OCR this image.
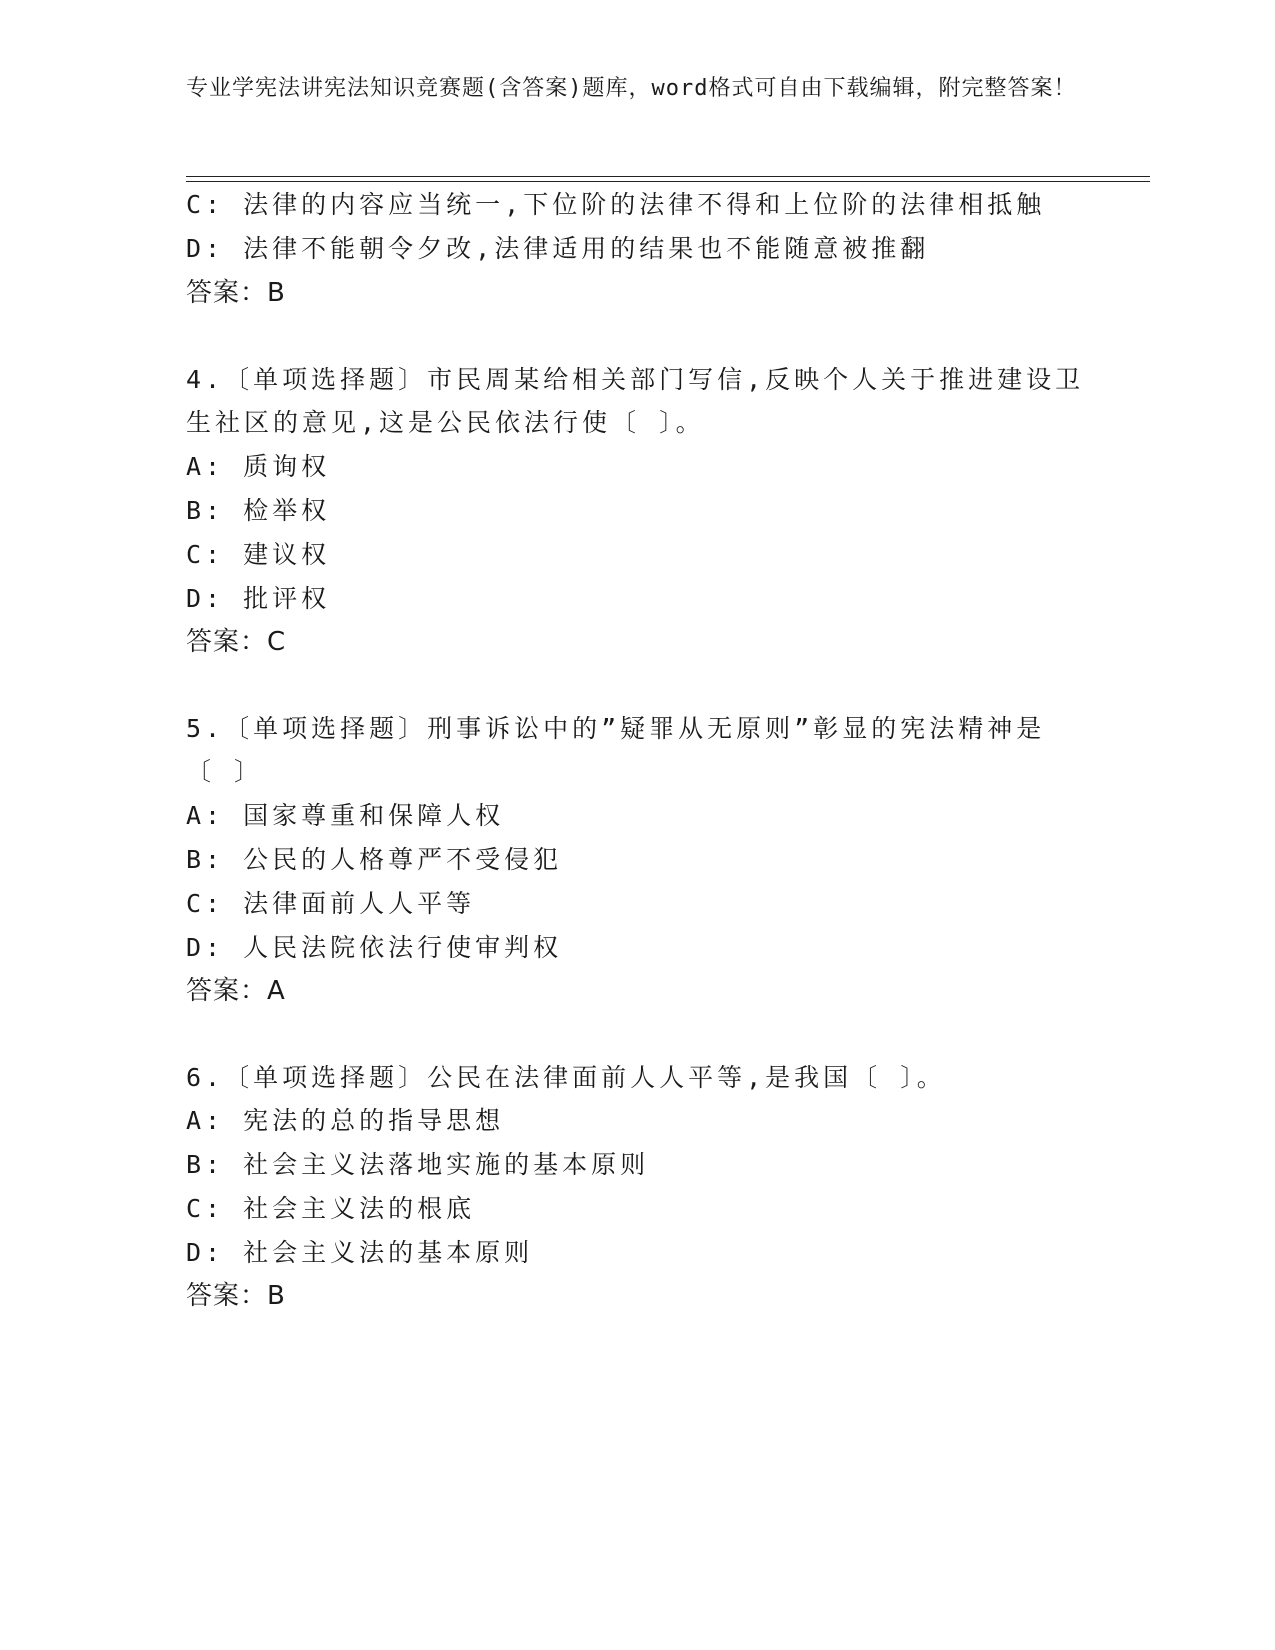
专业学宪法讲宪法知识竞赛题(含答案)题库，word格式可自由下载编辑，附完整答案！
C: 法律的内容应当统一,下位阶的法律不得和上位阶的法律相抵触
D: 法律不能朝令夕改,法律适用的结果也不能随意被推翻
答案：B
4.〔单项选择题〕市民周某给相关部门写信,反映个人关于推进建设卫
生社区的意见,这是公民依法行使〔 〕。
A: 质询权
B: 检举权
C: 建议权
D: 批评权
答案：C
5.〔单项选择题〕刑事诉讼中的”疑罪从无原则”彰显的宪法精神是
〔 〕
A: 国家尊重和保障人权
B: 公民的人格尊严不受侵犯
C: 法律面前人人平等
D: 人民法院依法行使审判权
答案：A
6.〔单项选择题〕公民在法律面前人人平等,是我国〔 〕。
A: 宪法的总的指导思想
B: 社会主义法落地实施的基本原则
C: 社会主义法的根底
D: 社会主义法的基本原则
答案：B
